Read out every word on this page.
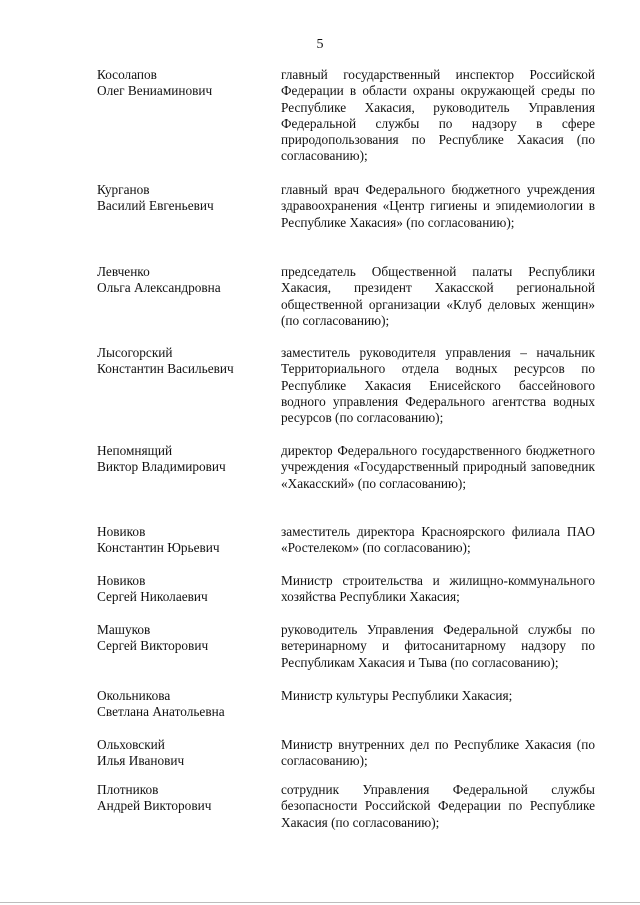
5
Косолапов
Олег Вениаминович
главный государственный инспектор Российской Федерации в области охраны окружающей среды по Республике Хакасия, руководитель Управления Федеральной службы по надзору в сфере природопользования по Республике Хакасия (по согласованию);
Курганов
Василий Евгеньевич
главный врач Федерального бюджетного учреждения здравоохранения «Центр гигиены и эпидемиологии в Республике Хакасия» (по согласованию);
Левченко
Ольга Александровна
председатель Общественной палаты Республики Хакасия, президент Хакасской региональной общественной организации «Клуб деловых женщин» (по согласованию);
Лысогорский
Константин Васильевич
заместитель руководителя управления – начальник Территориального отдела водных ресурсов по Республике Хакасия Енисейского бассейнового водного управления Федерального агентства водных ресурсов (по согласованию);
Непомнящий
Виктор Владимирович
директор Федерального государственного бюджетного учреждения «Государственный природный заповедник «Хакасский» (по согласованию);
Новиков
Константин Юрьевич
заместитель директора Красноярского филиала ПАО «Ростелеком» (по согласованию);
Новиков
Сергей Николаевич
Министр строительства и жилищно-коммунального хозяйства Республики Хакасия;
Машуков
Сергей Викторович
руководитель Управления Федеральной службы по ветеринарному и фитосанитарному надзору по Республикам Хакасия и Тыва (по согласованию);
Окольникова
Светлана Анатольевна
Министр культуры Республики Хакасия;
Ольховский
Илья Иванович
Министр внутренних дел по Республике Хакасия (по согласованию);
Плотников
Андрей Викторович
сотрудник Управления Федеральной службы безопасности Российской Федерации по Республике Хакасия (по согласованию);
